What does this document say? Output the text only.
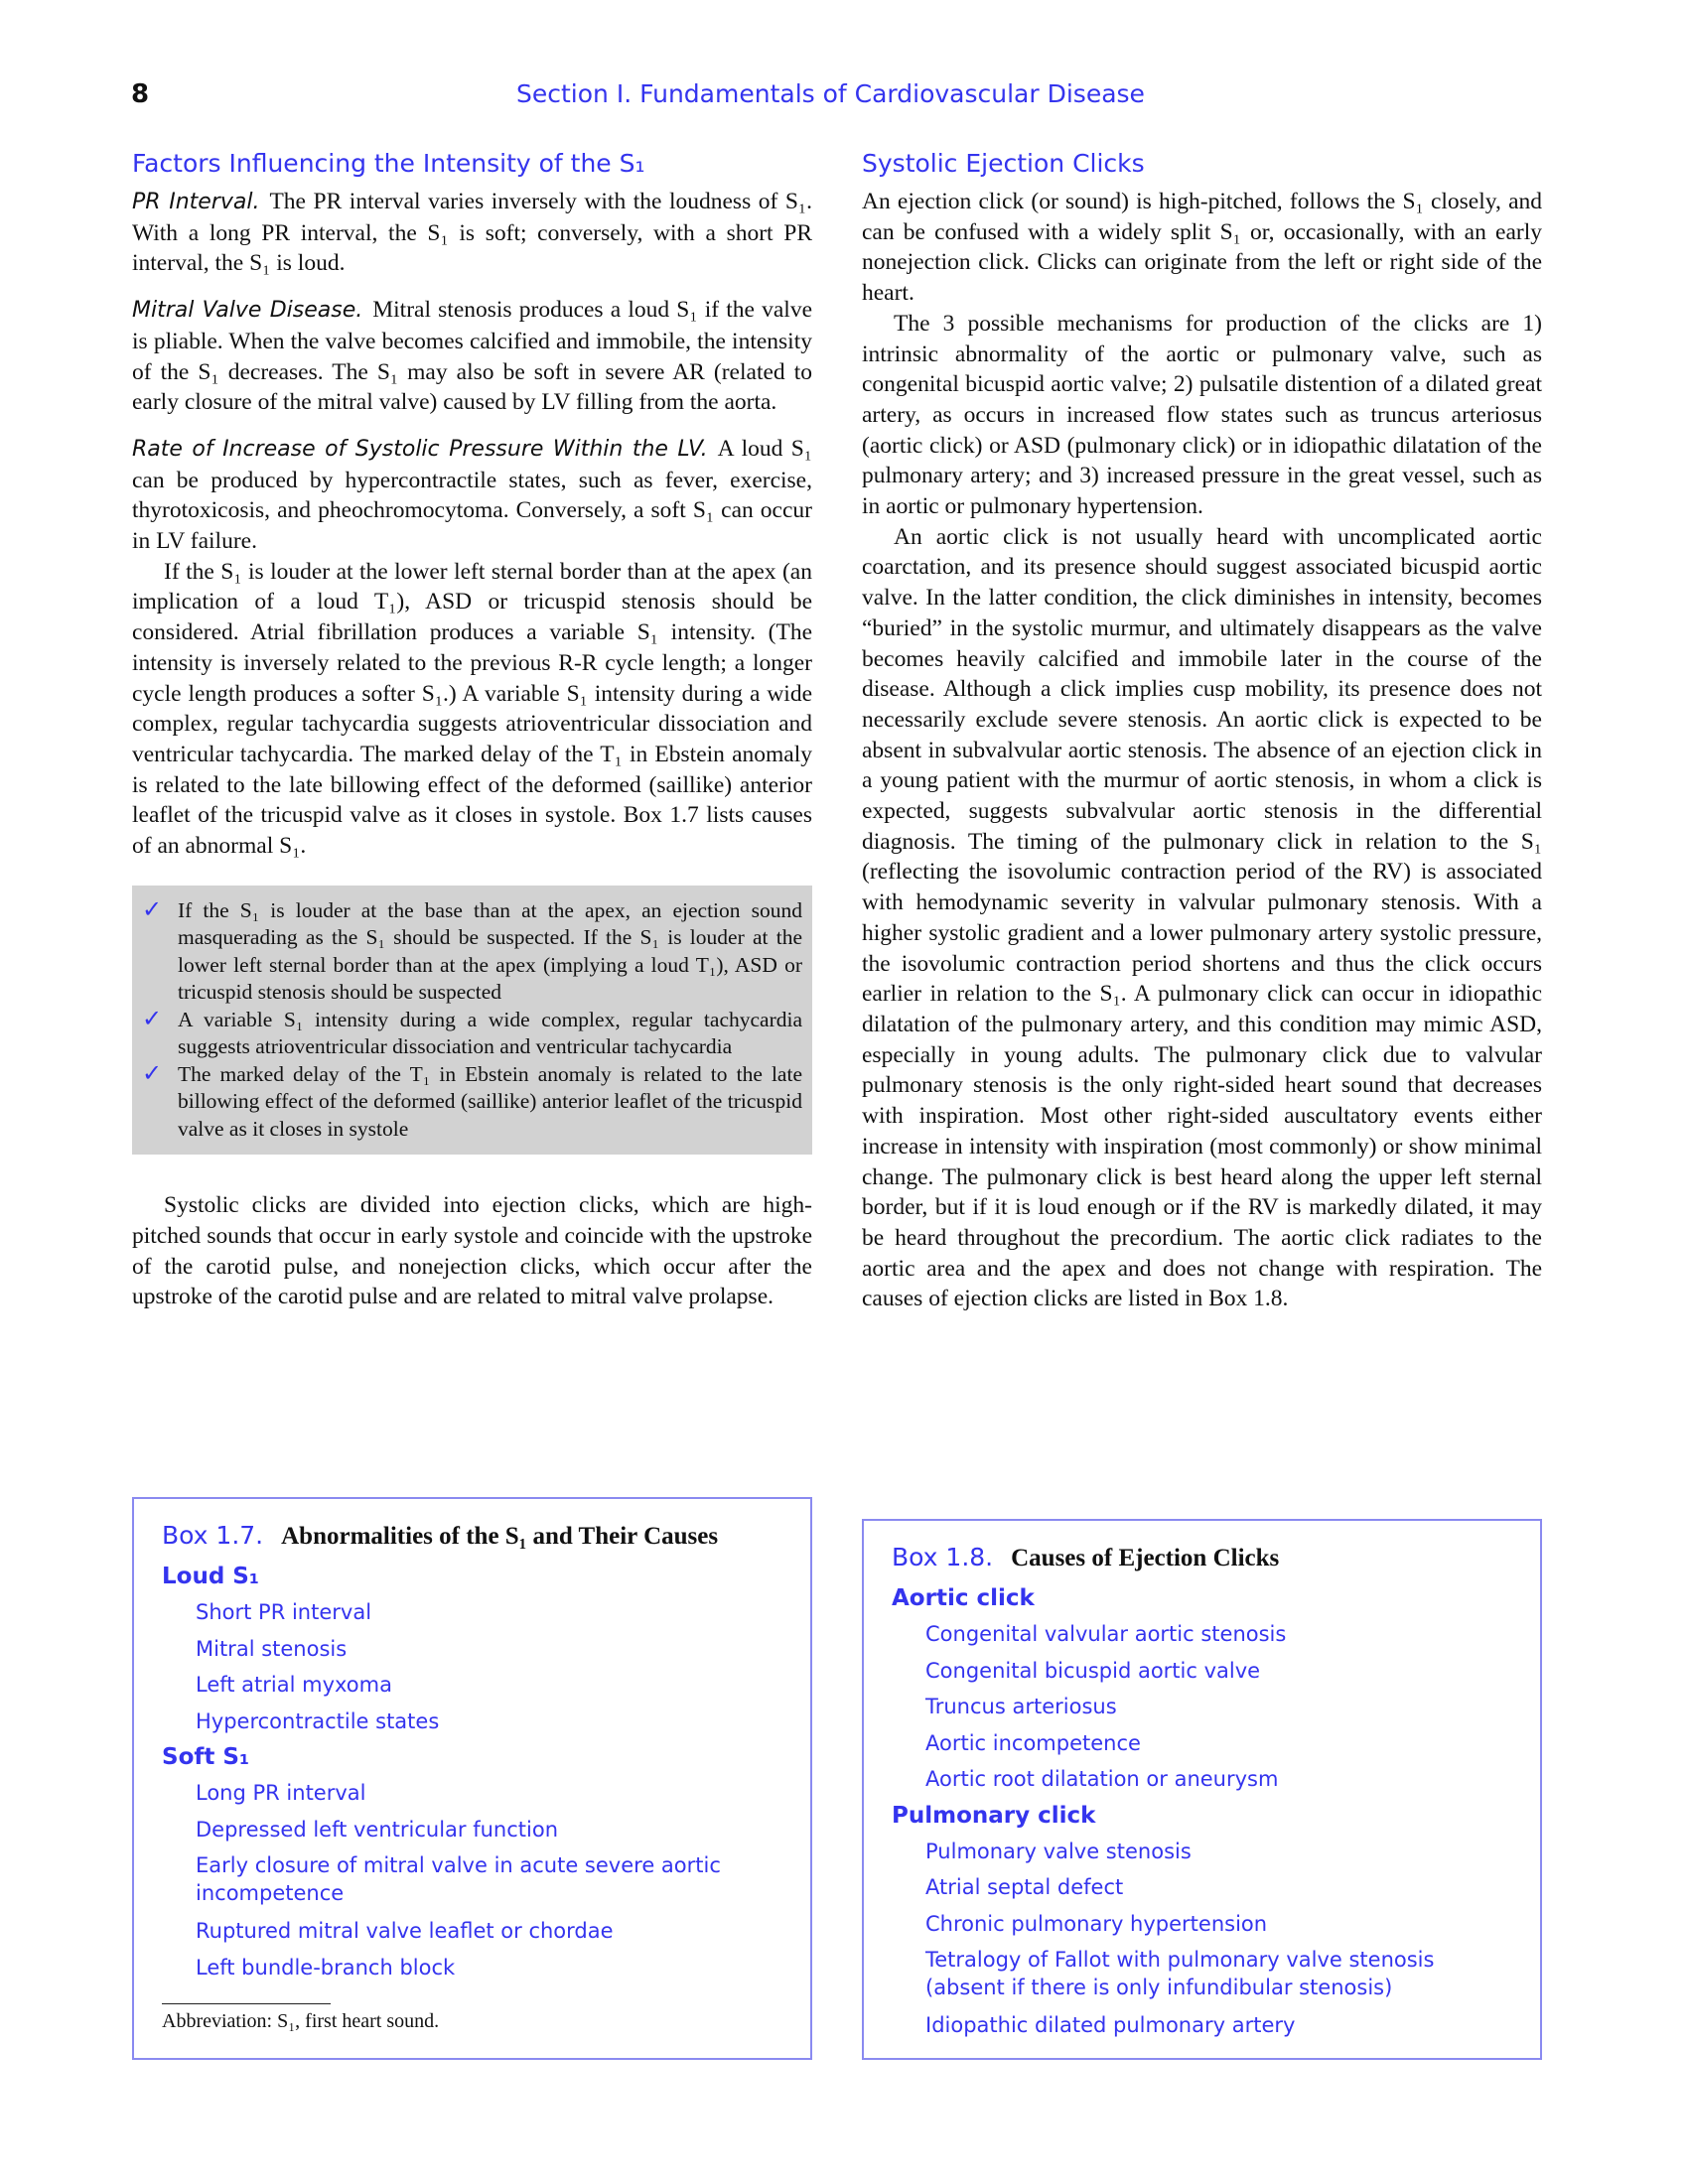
8	Section I. Fundamentals of Cardiovascular Disease
Factors Influencing the Intensity of the S₁

PR Interval. The PR interval varies inversely with the loudness of S₁. With a long PR interval, the S₁ is soft; conversely, with a short PR interval, the S₁ is loud.

Mitral Valve Disease. Mitral stenosis produces a loud S₁ if the valve is pliable. When the valve becomes calcified and immobile, the intensity of the S₁ decreases. The S₁ may also be soft in severe AR (related to early closure of the mitral valve) caused by LV filling from the aorta.

Rate of Increase of Systolic Pressure Within the LV. A loud S₁ can be produced by hypercontractile states, such as fever, exercise, thyrotoxicosis, and pheochromocytoma. Conversely, a soft S₁ can occur in LV failure.

If the S₁ is louder at the lower left sternal border than at the apex (an implication of a loud T₁), ASD or tricuspid stenosis should be considered. Atrial fibrillation produces a variable S₁ intensity. (The intensity is inversely related to the previous R-R cycle length; a longer cycle length produces a softer S₁.) A variable S₁ intensity during a wide complex, regular tachycardia suggests atrioventricular dissociation and ventricular tachycardia. The marked delay of the T₁ in Ebstein anomaly is related to the late billowing effect of the deformed (saillike) anterior leaflet of the tricuspid valve as it closes in systole. Box 1.7 lists causes of an abnormal S₁.

✓ If the S₁ is louder at the base than at the apex, an ejection sound masquerading as the S₁ should be suspected. If the S₁ is louder at the lower left sternal border than at the apex (implying a loud T₁), ASD or tricuspid stenosis should be suspected
✓ A variable S₁ intensity during a wide complex, regular tachycardia suggests atrioventricular dissociation and ventricular tachycardia
✓ The marked delay of the T₁ in Ebstein anomaly is related to the late billowing effect of the deformed (saillike) anterior leaflet of the tricuspid valve as it closes in systole

Systolic clicks are divided into ejection clicks, which are high-pitched sounds that occur in early systole and coincide with the upstroke of the carotid pulse, and nonejection clicks, which occur after the upstroke of the carotid pulse and are related to mitral valve prolapse.

Systolic Ejection Clicks

An ejection click (or sound) is high-pitched, follows the S₁ closely, and can be confused with a widely split S₁ or, occasionally, with an early nonejection click. Clicks can originate from the left or right side of the heart.

The 3 possible mechanisms for production of the clicks are 1) intrinsic abnormality of the aortic or pulmonary valve, such as congenital bicuspid aortic valve; 2) pulsatile distention of a dilated great artery, as occurs in increased flow states such as truncus arteriosus (aortic click) or ASD (pulmonary click) or in idiopathic dilatation of the pulmonary artery; and 3) increased pressure in the great vessel, such as in aortic or pulmonary hypertension.

An aortic click is not usually heard with uncomplicated aortic coarctation, and its presence should suggest associated bicuspid aortic valve. In the latter condition, the click diminishes in intensity, becomes “buried” in the systolic murmur, and ultimately disappears as the valve becomes heavily calcified and immobile later in the course of the disease. Although a click implies cusp mobility, its presence does not necessarily exclude severe stenosis. An aortic click is expected to be absent in subvalvular aortic stenosis. The absence of an ejection click in a young patient with the murmur of aortic stenosis, in whom a click is expected, suggests subvalvular aortic stenosis in the differential diagnosis. The timing of the pulmonary click in relation to the S₁ (reflecting the isovolumic contraction period of the RV) is associated with hemodynamic severity in valvular pulmonary stenosis. With a higher systolic gradient and a lower pulmonary artery systolic pressure, the isovolumic contraction period shortens and thus the click occurs earlier in relation to the S₁. A pulmonary click can occur in idiopathic dilatation of the pulmonary artery, and this condition may mimic ASD, especially in young adults. The pulmonary click due to valvular pulmonary stenosis is the only right-sided heart sound that decreases with inspiration. Most other right-sided auscultatory events either increase in intensity with inspiration (most commonly) or show minimal change. The pulmonary click is best heard along the upper left sternal border, but if it is loud enough or if the RV is markedly dilated, it may be heard throughout the precordium. The aortic click radiates to the aortic area and the apex and does not change with respiration. The causes of ejection clicks are listed in Box 1.8.

Box 1.7. Abnormalities of the S₁ and Their Causes
Loud S₁
Short PR interval
Mitral stenosis
Left atrial myxoma
Hypercontractile states
Soft S₁
Long PR interval
Depressed left ventricular function
Early closure of mitral valve in acute severe aortic incompetence
Ruptured mitral valve leaflet or chordae
Left bundle-branch block
Abbreviation: S₁, first heart sound.
Box 1.8. Causes of Ejection Clicks
Aortic click
Congenital valvular aortic stenosis
Congenital bicuspid aortic valve
Truncus arteriosus
Aortic incompetence
Aortic root dilatation or aneurysm
Pulmonary click
Pulmonary valve stenosis
Atrial septal defect
Chronic pulmonary hypertension
Tetralogy of Fallot with pulmonary valve stenosis (absent if there is only infundibular stenosis)
Idiopathic dilated pulmonary artery
